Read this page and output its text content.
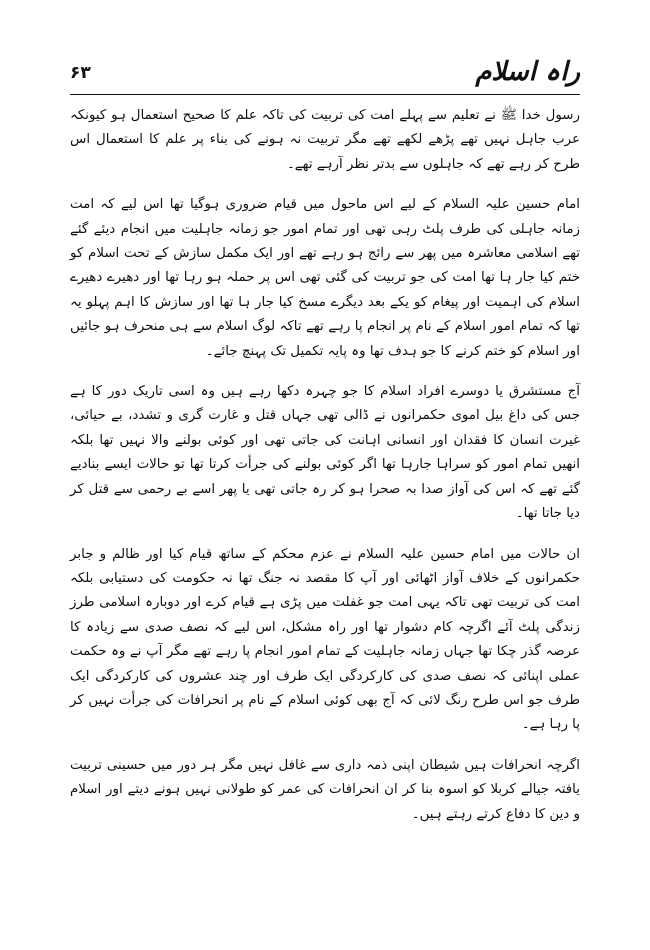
راہ اسلام
۶۳

رسول خدا ﷺ نے تعلیم سے پہلے امت کی تربیت کی تاکہ علم کا صحیح استعمال ہو کیونکہ عرب جاہل نہیں تھے پڑھے لکھے تھے مگر تربیت نہ ہونے کی بناء پر علم کا استعمال اس طرح کر رہے تھے کہ جاہلوں سے بدتر نظر آرہے تھے۔

امام حسین علیہ السلام کے لیے اس ماحول میں قیام ضروری ہوگیا تھا اس لیے کہ امت زمانہ جاہلی کی طرف پلٹ رہی تھی اور تمام امور جو زمانہ جاہلیت میں انجام دیئے گئے تھے اسلامی معاشرہ میں پھر سے رائج ہو رہے تھے اور ایک مکمل سازش کے تحت اسلام کو ختم کیا جار ہا تھا امت کی جو تربیت کی گئی تھی اس پر حملہ ہو رہا تھا اور دھیرے دھیرے اسلام کی اہمیت اور پیغام کو یکے بعد دیگرے مسخ کیا جار ہا تھا اور سازش کا اہم پہلو یہ تھا کہ تمام امور اسلام کے نام پر انجام پا رہے تھے تاکہ لوگ اسلام سے ہی منحرف ہو جائیں اور اسلام کو ختم کرنے کا جو ہدف تھا وہ پایہ تکمیل تک پہنچ جائے۔

آج مستشرق یا دوسرے افراد اسلام کا جو چہرہ دکھا رہے ہیں وہ اسی تاریک دور کا ہے جس کی داغ بیل اموی حکمرانوں نے ڈالی تھی جہاں قتل و غارت گری و تشدد، بے حیائی، غیرت انسان کا فقدان اور انسانی اہانت کی جاتی تھی اور کوئی بولنے والا نہیں تھا بلکہ انھیں تمام امور کو سراہا جارہا تھا اگر کوئی بولنے کی جرأت کرتا تھا تو حالات ایسے بنادیے گئے تھے کہ اس کی آواز صدا بہ صحرا ہو کر رہ جاتی تھی یا پھر اسے بے رحمی سے قتل کر دیا جاتا تھا۔

ان حالات میں امام حسین علیہ السلام نے عزم محکم کے ساتھ قیام کیا اور ظالم و جابر حکمرانوں کے خلاف آواز اٹھائی اور آپ کا مقصد نہ جنگ تھا نہ حکومت کی دستیابی بلکہ امت کی تربیت تھی تاکہ یہی امت جو غفلت میں پڑی ہے قیام کرے اور دوبارہ اسلامی طرز زندگی پلٹ آئے اگرچہ کام دشوار تھا اور راہ مشکل، اس لیے کہ نصف صدی سے زیادہ کا عرصہ گذر چکا تھا جہاں زمانہ جاہلیت کے تمام امور انجام پا رہے تھے مگر آپ نے وہ حکمت عملی اپنائی کہ نصف صدی کی کارکردگی ایک طرف اور چند عشروں کی کارکردگی ایک طرف جو اس طرح رنگ لائی کہ آج بھی کوئی اسلام کے نام پر انحرافات کی جرأت نہیں کر پا رہا ہے۔

اگرچہ انحرافات ہیں شیطان اپنی ذمہ داری سے غافل نہیں مگر ہر دور میں حسینی تربیت یافتہ جیالے کربلا کو اسوہ بنا کر ان انحرافات کی عمر کو طولانی نہیں ہونے دیتے اور اسلام و دین کا دفاع کرتے رہتے ہیں۔
